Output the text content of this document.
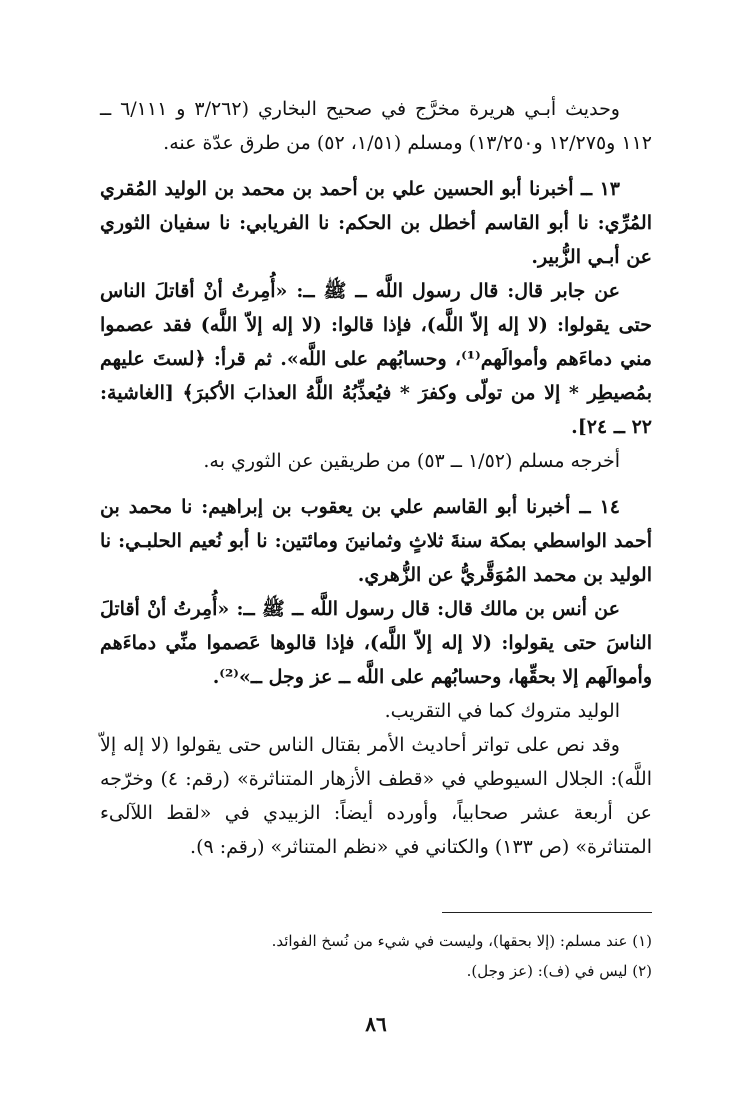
وحديث أبـي هريرة مخرَّج في صحيح البخاري (٣/٢٦٢ و ٦/١١١ ــ ١١٢ و١٢/٢٧٥ و١٣/٢٥٠) ومسلم (١/٥١، ٥٢) من طرق عدّة عنه.

١٣ ــ أخبرنا أبو الحسين علي بن أحمد بن محمد بن الوليد المُقري المُرِّي: نا أبو القاسم أخطل بن الحكم: نا الفريابي: نا سفيان الثوري عن أبـي الزُّبير.

عن جابر قال: قال رسول اللَّه ــ ﷺ ــ: «أُمِرتُ أنْ أقاتلَ الناس حتى يقولوا: (لا إله إلاّ اللَّه)، فإذا قالوا: (لا إله إلاّ اللَّه) فقد عصموا مني دماءَهم وأموالَهم⁽¹⁾، وحسابُهم على اللَّه». ثم قرأ: ﴿لستَ عليهم بمُصيطِر * إلا من تولّى وكفرَ * فيُعذِّبُهُ اللَّهُ العذابَ الأكبرَ﴾ [الغاشية: ٢٢ ــ ٢٤].

أخرجه مسلم (١/٥٢ ــ ٥٣) من طريقين عن الثوري به.

١٤ ــ أخبرنا أبو القاسم علي بن يعقوب بن إبراهيم: نا محمد بن أحمد الواسطي بمكة سنةَ ثلاثٍ وثمانينَ ومائتين: نا أبو نُعيم الحلبـي: نا الوليد بن محمد المُوَقَّريُّ عن الزُّهري.

عن أنس بن مالك قال: قال رسول اللَّه ــ ﷺ ــ: «أُمِرتُ أنْ أقاتلَ الناسَ حتى يقولوا: (لا إله إلاّ اللَّه)، فإذا قالوها عَصموا منِّي دماءَهم وأموالَهم إلا بحقِّها، وحسابُهم على اللَّه ــ عز وجل ــ»⁽²⁾.

الوليد متروك كما في التقريب.

وقد نص على تواتر أحاديث الأمر بقتال الناس حتى يقولوا (لا إله إلاّ اللَّه): الجلال السيوطي في «قطف الأزهار المتناثرة» (رقم: ٤) وخرّجه عن أربعة عشر صحابياً، وأورده أيضاً: الزبيدي في «لقط اللآلىء المتناثرة» (ص ١٣٣) والكتاني في «نظم المتناثر» (رقم: ٩).

(١) عند مسلم: (إلا بحقها)، وليست في شيء من نُسخ الفوائد.

(٢) ليس في (ف): (عز وجل).

٨٦
